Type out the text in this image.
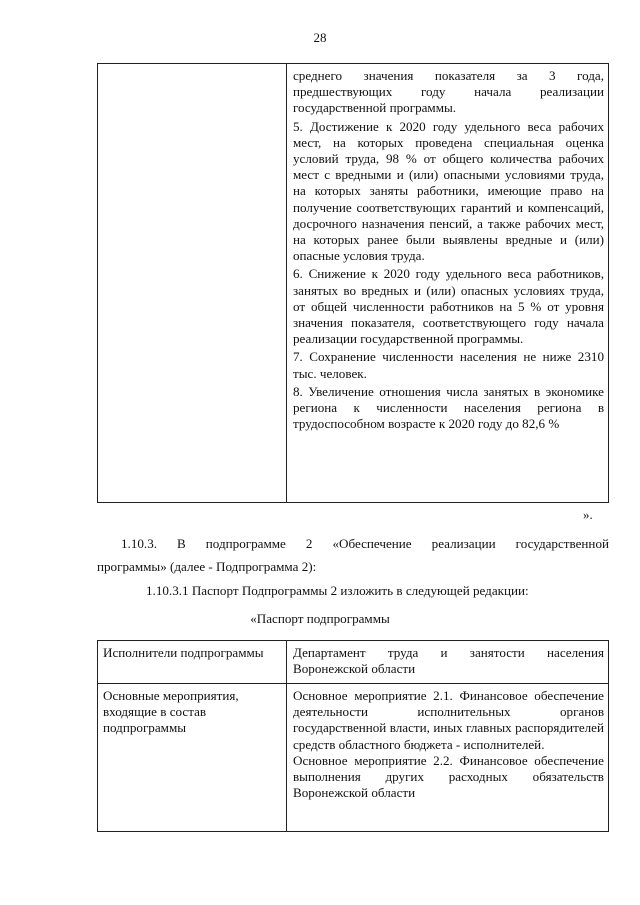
28

среднего значения показателя за 3 года, предшествующих году начала реализации государственной программы.

5. Достижение к 2020 году удельного веса рабочих мест, на которых проведена специальная оценка условий труда, 98 % от общего количества рабочих мест с вредными и (или) опасными условиями труда, на которых заняты работники, имеющие право на получение соответствующих гарантий и компенсаций, досрочного назначения пенсий, а также рабочих мест, на которых ранее были выявлены вредные и (или) опасные условия труда.

6. Снижение к 2020 году удельного веса работников, занятых во вредных и (или) опасных условиях труда, от общей численности работников на 5 % от уровня значения показателя, соответствующего году начала реализации государственной программы.

7. Сохранение численности населения не ниже 2310 тыс. человек.

8. Увеличение отношения числа занятых в экономике региона к численности населения региона в трудоспособном возрасте к 2020 году до 82,6 %

».

1.10.3. В подпрограмме 2 «Обеспечение реализации государственной

программы» (далее - Подпрограмма 2):

1.10.3.1 Паспорт Подпрограммы 2 изложить в следующей редакции:

«Паспорт подпрограммы

Исполнители подпрограммы	Департамент труда и занятости населения Воронежской области

Основные мероприятия, входящие в состав подпрограммы

Основное мероприятие 2.1. Финансовое обеспечение деятельности исполнительных органов государственной власти, иных главных распорядителей средств областного бюджета - исполнителей.

Основное мероприятие 2.2. Финансовое обеспечение выполнения других расходных обязательств Воронежской области
